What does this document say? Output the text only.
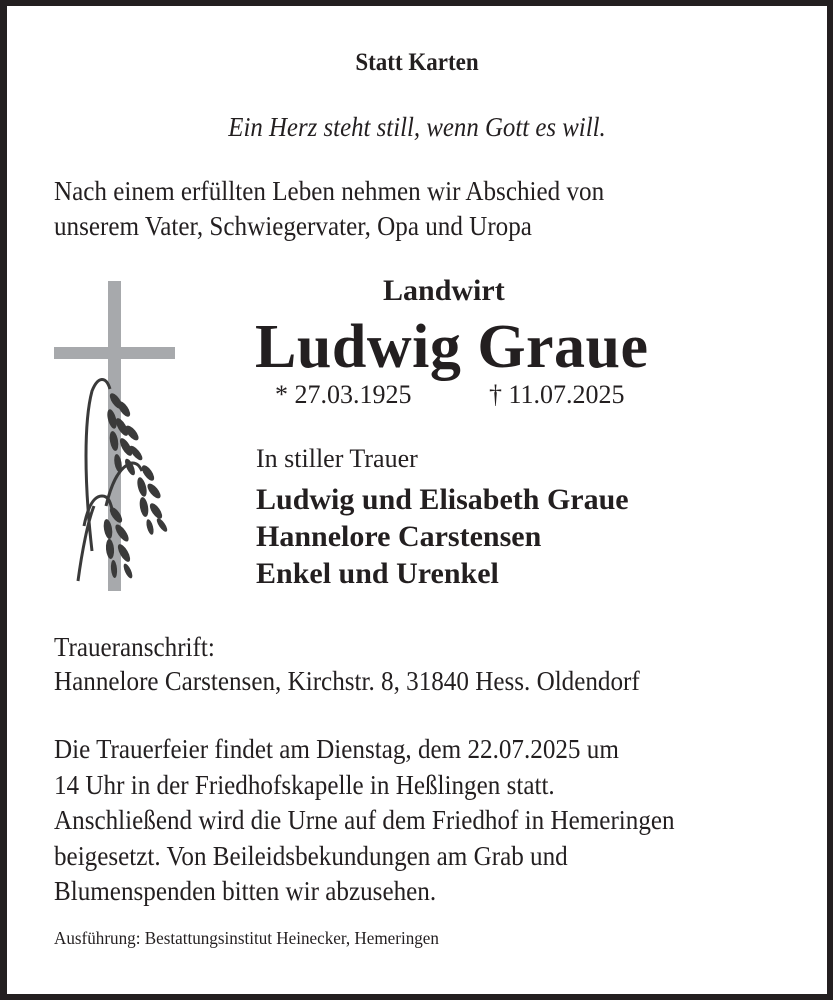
Statt Karten
Ein Herz steht still, wenn Gott es will.
Nach einem erfüllten Leben nehmen wir Abschied von
unserem Vater, Schwiegervater, Opa und Uropa
Landwirt
Ludwig Graue
* 27.03.1925	† 11.07.2025
In stiller Trauer
Ludwig und Elisabeth Graue
Hannelore Carstensen
Enkel und Urenkel
Traueranschrift:
Hannelore Carstensen, Kirchstr. 8, 31840 Hess. Oldendorf
Die Trauerfeier findet am Dienstag, dem 22.07.2025 um
14 Uhr in der Friedhofskapelle in Heßlingen statt.
Anschließend wird die Urne auf dem Friedhof in Hemeringen
beigesetzt. Von Beileidsbekundungen am Grab und
Blumenspenden bitten wir abzusehen.
Ausführung: Bestattungsinstitut Heinecker, Hemeringen
